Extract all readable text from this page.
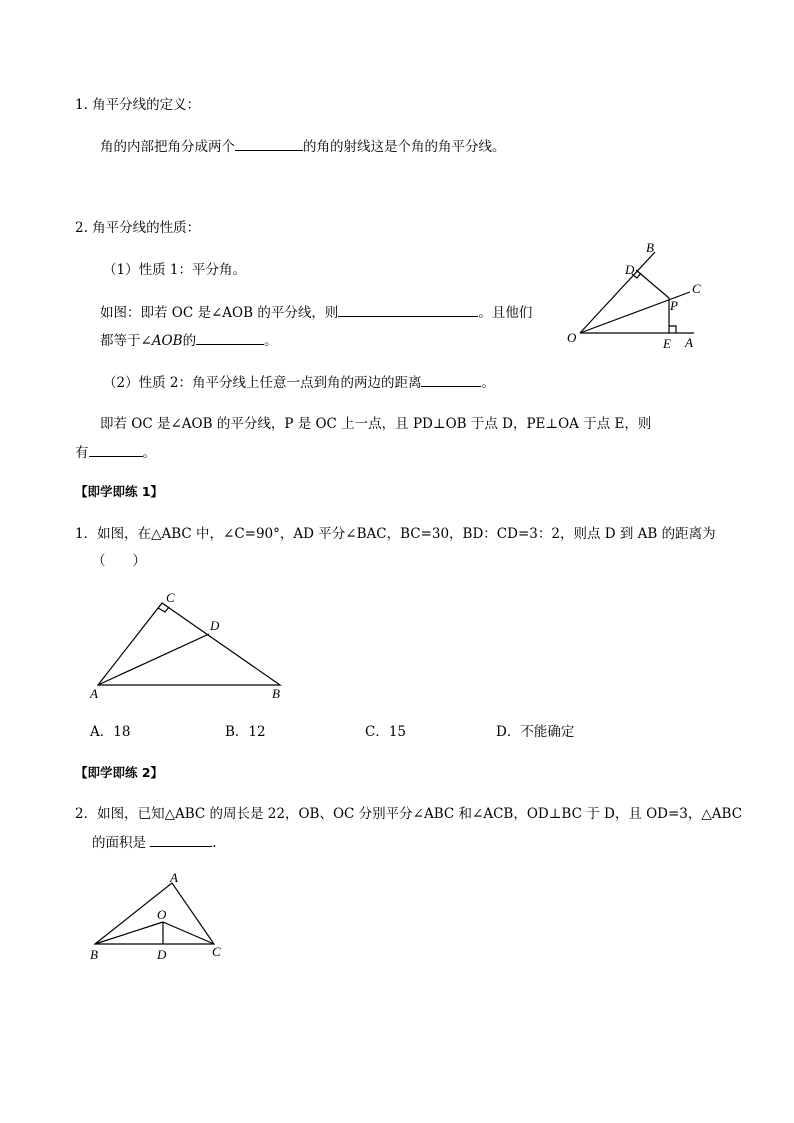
1. 角平分线的定义：
角的内部把角分成两个	的角的射线这是个角的角平分线。
2. 角平分线的性质：
（1）性质 1：平分角。
如图：即若 OC 是∠AOB 的平分线，则	。且他们
都等于∠AOB的	。
（2）性质 2：角平分线上任意一点到角的两边的距离	。
即若 OC 是∠AOB 的平分线，P 是 OC 上一点，且 PD⊥OB 于点 D，PE⊥OA 于点 E，则
有	。
B
D
C
P
O	E A
【即学即练 1】
1．如图，在△ABC 中，∠C=90°，AD 平分∠BAC，BC=30，BD：CD=3：2，则点 D 到 AB 的距离为
（　　）
C
D
A	B
A．18	B．12	C．15	D．不能确定
【即学即练 2】
2．如图，已知△ABC 的周长是 22，OB、OC 分别平分∠ABC 和∠ACB，OD⊥BC 于 D，且 OD=3，△ABC
的面积是	.
A
O
B	D	C
